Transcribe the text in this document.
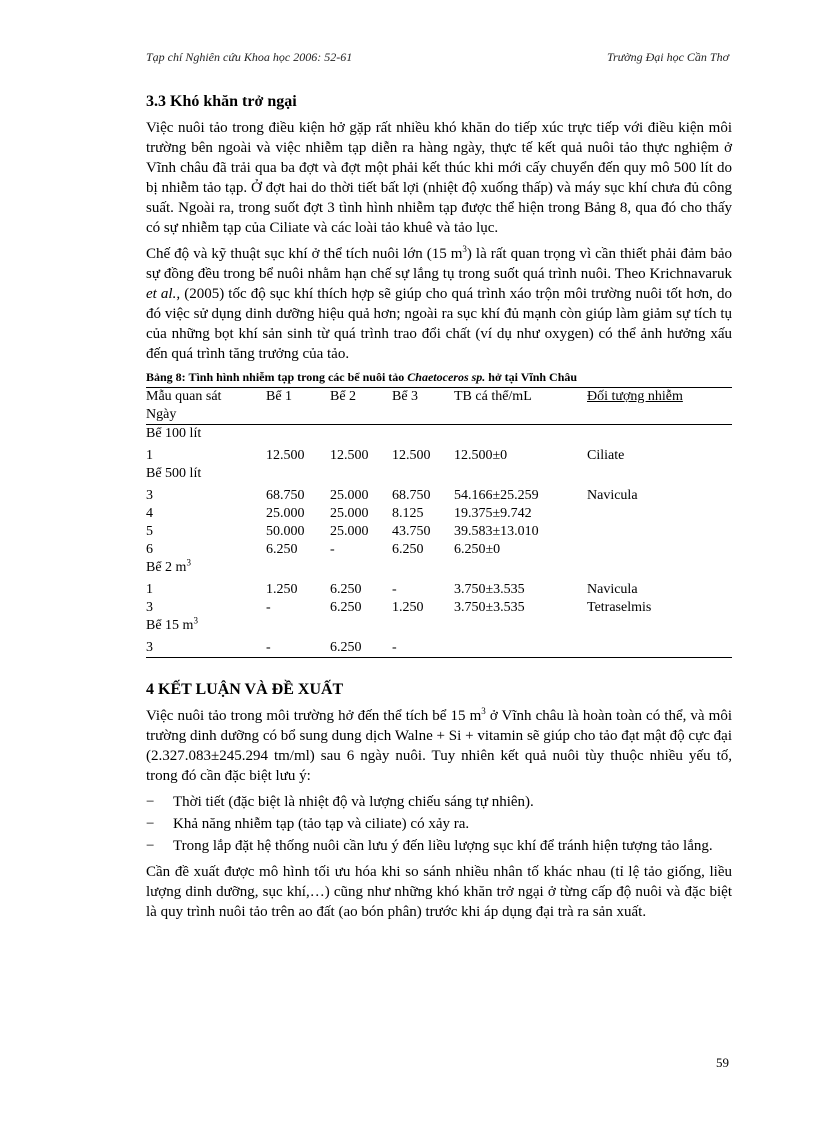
Tạp chí Nghiên cứu Khoa học 2006: 52-61	Trường Đại học Cần Thơ
3.3 Khó khăn trở ngại

Việc nuôi tảo trong điều kiện hở gặp rất nhiều khó khăn do tiếp xúc trực tiếp với điều kiện môi trường bên ngoài và việc nhiễm tạp diễn ra hàng ngày, thực tế kết quả nuôi tảo thực nghiệm ở Vĩnh châu đã trải qua ba đợt và đợt một phải kết thúc khi mới cấy chuyển đến quy mô 500 lít do bị nhiễm tảo tạp. Ở đợt hai do thời tiết bất lợi (nhiệt độ xuống thấp) và máy sục khí chưa đủ công suất. Ngoài ra, trong suốt đợt 3 tình hình nhiễm tạp được thể hiện trong Bảng 8, qua đó cho thấy có sự nhiễm tạp của Ciliate và các loài tảo khuê và tảo lục.

Chế độ và kỹ thuật sục khí ở thể tích nuôi lớn (15 $m^3$) là rất quan trọng vì cần thiết phải đảm bảo sự đồng đều trong bể nuôi nhằm hạn chế sự lắng tụ trong suốt quá trình nuôi. Theo Krichnavaruk et al., (2005) tốc độ sục khí thích hợp sẽ giúp cho quá trình xáo trộn môi trường nuôi tốt hơn, do đó việc sử dụng dinh dưỡng hiệu quả hơn; ngoài ra sục khí đủ mạnh còn giúp làm giảm sự tích tụ của những bọt khí sản sinh từ quá trình trao đổi chất (ví dụ như oxygen) có thể ảnh hưởng xấu đến quá trình tăng trưởng của tảo.

Bảng 8: Tình hình nhiễm tạp trong các bể nuôi tảo Chaetoceros sp. hở tại Vĩnh Châu
Mẫu quan sát	Bể 1	Bể 2	Bể 3	TB cá thể/mL	Đối tượng nhiễm
Ngày					
Bể 100 lít					
1	12.500	12.500	12.500	12.500±0	Ciliate
Bể 500 lít					
3	68.750	25.000	68.750	54.166±25.259	Navicula
4	25.000	25.000	8.125	19.375±9.742	
5	50.000	25.000	43.750	39.583±13.010	
6	6.250	-	6.250	6.250±0	
Bể 2 $m^3$
1	1.250	6.250	-	3.750±3.535	Navicula
3	-	6.250	1.250	3.750±3.535	Tetraselmis
Bể 15 $m^3$
3	-	6.250	-		
4 KẾT LUẬN VÀ ĐỀ XUẤT

Việc nuôi tảo trong môi trường hở đến thể tích bể 15 $m^3$ ở Vĩnh châu là hoàn toàn có thể, và môi trường dinh dưỡng có bổ sung dung dịch Walne + Si + vitamin sẽ giúp cho tảo đạt mật độ cực đại (2.327.083±245.294 tm/ml) sau 6 ngày nuôi. Tuy nhiên kết quả nuôi tùy thuộc nhiều yếu tố, trong đó cần đặc biệt lưu ý:

− Thời tiết (đặc biệt là nhiệt độ và lượng chiếu sáng tự nhiên).
− Khả năng nhiễm tạp (tảo tạp và ciliate) có xảy ra.
− Trong lắp đặt hệ thống nuôi cần lưu ý đến liều lượng sục khí để tránh hiện tượng tảo lắng.

Cần đề xuất được mô hình tối ưu hóa khi so sánh nhiều nhân tố khác nhau (tỉ lệ tảo giống, liều lượng dinh dưỡng, sục khí,…) cũng như những khó khăn trở ngại ở từng cấp độ nuôi và đặc biệt là quy trình nuôi tảo trên ao đất (ao bón phân) trước khi áp dụng đại trà ra sản xuất.

59
